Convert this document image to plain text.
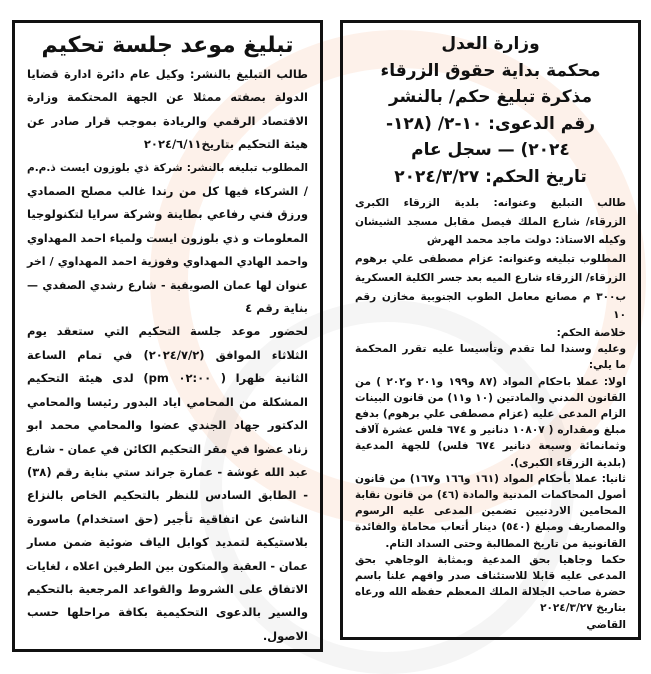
تبليغ موعد جلسة تحكيم
طالب التبليغ بالنشر: وكيل عام دائرة ادارة قضايا
الدولة بصفته ممثلا عن الجهة المحتكمة وزارة
الاقتصاد الرقمي والريادة بموجب قرار صادر عن
هيئة التحكيم بتاريخ٢٠٢٤/٦/١١
المطلوب تبليغه بالنشر: شركة ذي بلوزون ايست ذ.م.م
/ الشركاء فيها كل من رندا غالب مصلح الصمادي
ورزق فني رفاعي بطاينة وشركة سرايا لتكنولوجيا
المعلومات و ذي بلوزون ايست ولمياء احمد المهداوي
واحمد الهادي المهداوي وفوزية احمد المهداوي / اخر
عنوان لها عمان الصويفية - شارع رشدي الصفدي —
بناية رقم ٤
لحضور موعد جلسة التحكيم التي ستعقد يوم
الثلاثاء الموافق (٢٠٢٤/٧/٢) في تمام الساعة
الثانية ظهرا ( ٠٢:٠٠ pm) لدى هيئة التحكيم
المشكلة من المحامي اياد البدور رئيسا والمحامي
الدكتور جهاد الجندي عضوا والمحامي محمد ابو
زناد عضوا في مقر التحكيم الكائن في عمان - شارع
عبد الله غوشة - عمارة جراند ستي بناية رقم (٣٨)
- الطابق السادس للنظر بالتحكيم الخاص بالنزاع
الناشئ عن اتفاقية تأجير (حق استخدام) ماسورة
بلاستيكية لتمديد كوابل الياف ضوئية ضمن مسار
عمان - العقبة والمتكون بين الطرفين اعلاه ، لغايات
الاتفاق على الشروط والقواعد المرجعية بالتحكيم
والسير بالدعوى التحكيمية بكافة مراحلها حسب
الاصول.
وزارة العدل
محكمة بداية حقوق الزرقاء
مذكرة تبليغ حكم/ بالنشر
رقم الدعوى: ١٠-٢/ (١٢٨-
٢٠٢٤) — سجل عام
تاريخ الحكم: ٢٠٢٤/٣/٢٧
طالب التبليغ وعنوانه: بلدية الزرقاء الكبرى
الزرقاء/ شارع الملك فيصل مقابل مسجد الشيشان
وكيله الاستاذ: دولت ماجد محمد الهرش
المطلوب تبليغه وعنوانه: عزام مصطفى علي برهوم
الزرقاء/ الزرقاء شارع الميه بعد جسر الكلية العسكرية
ب٣٠٠ م مصانع معامل الطوب الجنوبية مخازن رقم
١٠
خلاصة الحكم:
وعليه وسندا لما تقدم وتأسيسا عليه تقرر المحكمة
ما يلي:
اولا: عملا باحكام المواد (٨٧ و١٩٩ و٢٠١ و٢٠٢ ) من
القانون المدني والمادتين (١٠ و١١) من قانون البينات
الزام المدعى عليه (عزام مصطفى علي برهوم) بدفع
مبلغ ومقداره ( ١٠٨٠٧ دنانير و ٦٧٤ فلس عشرة آلاف
وثمانمائة وسبعة دنانير ٦٧٤ فلس) للجهة المدعية
(بلدية الزرقاء الكبرى).
ثانيا: عملا بأحكام المواد (١٦١ و١٦٦ و١٦٧) من قانون
أصول المحاكمات المدنية والمادة (٤٦) من قانون نقابة
المحامين الاردنيين تضمين المدعى عليه الرسوم
والمصاريف ومبلغ (٥٤٠) دينار أتعاب محاماة والفائدة
القانونية من تاريخ المطالبة وحتى السداد التام.
حكما وجاهيا بحق المدعية وبمثابة الوجاهي بحق
المدعى عليه قابلا للاستئناف صدر وافهم علنا باسم
حضرة صاحب الجلالة الملك المعظم حفظه الله ورعاه
بتاريخ ٢٠٢٤/٣/٢٧
القاضي
